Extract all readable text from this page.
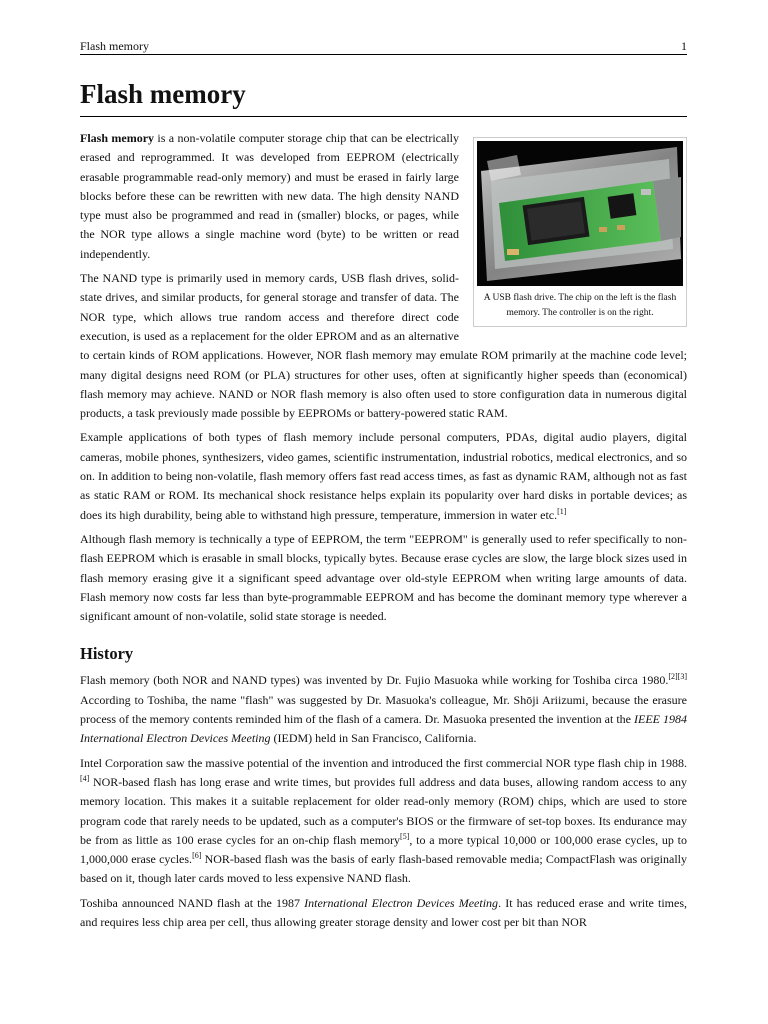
Flash memory	1
Flash memory
A USB flash drive. The chip on the left is the flash memory. The controller is on the right.

Flash memory is a non-volatile computer storage chip that can be electrically erased and reprogrammed. It was developed from EEPROM (electrically erasable programmable read-only memory) and must be erased in fairly large blocks before these can be rewritten with new data. The high density NAND type must also be programmed and read in (smaller) blocks, or pages, while the NOR type allows a single machine word (byte) to be written or read independently.

The NAND type is primarily used in memory cards, USB flash drives, solid-state drives, and similar products, for general storage and transfer of data. The NOR type, which allows true random access and therefore direct code execution, is used as a replacement for the older EPROM and as an alternative to certain kinds of ROM applications. However, NOR flash memory may emulate ROM primarily at the machine code level; many digital designs need ROM (or PLA) structures for other uses, often at significantly higher speeds than (economical) flash memory may achieve. NAND or NOR flash memory is also often used to store configuration data in numerous digital products, a task previously made possible by EEPROMs or battery-powered static RAM.

Example applications of both types of flash memory include personal computers, PDAs, digital audio players, digital cameras, mobile phones, synthesizers, video games, scientific instrumentation, industrial robotics, medical electronics, and so on. In addition to being non-volatile, flash memory offers fast read access times, as fast as dynamic RAM, although not as fast as static RAM or ROM. Its mechanical shock resistance helps explain its popularity over hard disks in portable devices; as does its high durability, being able to withstand high pressure, temperature, immersion in water etc.[1]

Although flash memory is technically a type of EEPROM, the term "EEPROM" is generally used to refer specifically to non-flash EEPROM which is erasable in small blocks, typically bytes. Because erase cycles are slow, the large block sizes used in flash memory erasing give it a significant speed advantage over old-style EEPROM when writing large amounts of data. Flash memory now costs far less than byte-programmable EEPROM and has become the dominant memory type wherever a significant amount of non-volatile, solid state storage is needed.

History

Flash memory (both NOR and NAND types) was invented by Dr. Fujio Masuoka while working for Toshiba circa 1980.[2][3] According to Toshiba, the name "flash" was suggested by Dr. Masuoka's colleague, Mr. Shōji Ariizumi, because the erasure process of the memory contents reminded him of the flash of a camera. Dr. Masuoka presented the invention at the IEEE 1984 International Electron Devices Meeting (IEDM) held in San Francisco, California.

Intel Corporation saw the massive potential of the invention and introduced the first commercial NOR type flash chip in 1988.[4] NOR-based flash has long erase and write times, but provides full address and data buses, allowing random access to any memory location. This makes it a suitable replacement for older read-only memory (ROM) chips, which are used to store program code that rarely needs to be updated, such as a computer's BIOS or the firmware of set-top boxes. Its endurance may be from as little as 100 erase cycles for an on-chip flash memory[5], to a more typical 10,000 or 100,000 erase cycles, up to 1,000,000 erase cycles.[6] NOR-based flash was the basis of early flash-based removable media; CompactFlash was originally based on it, though later cards moved to less expensive NAND flash.

Toshiba announced NAND flash at the 1987 International Electron Devices Meeting. It has reduced erase and write times, and requires less chip area per cell, thus allowing greater storage density and lower cost per bit than NOR
